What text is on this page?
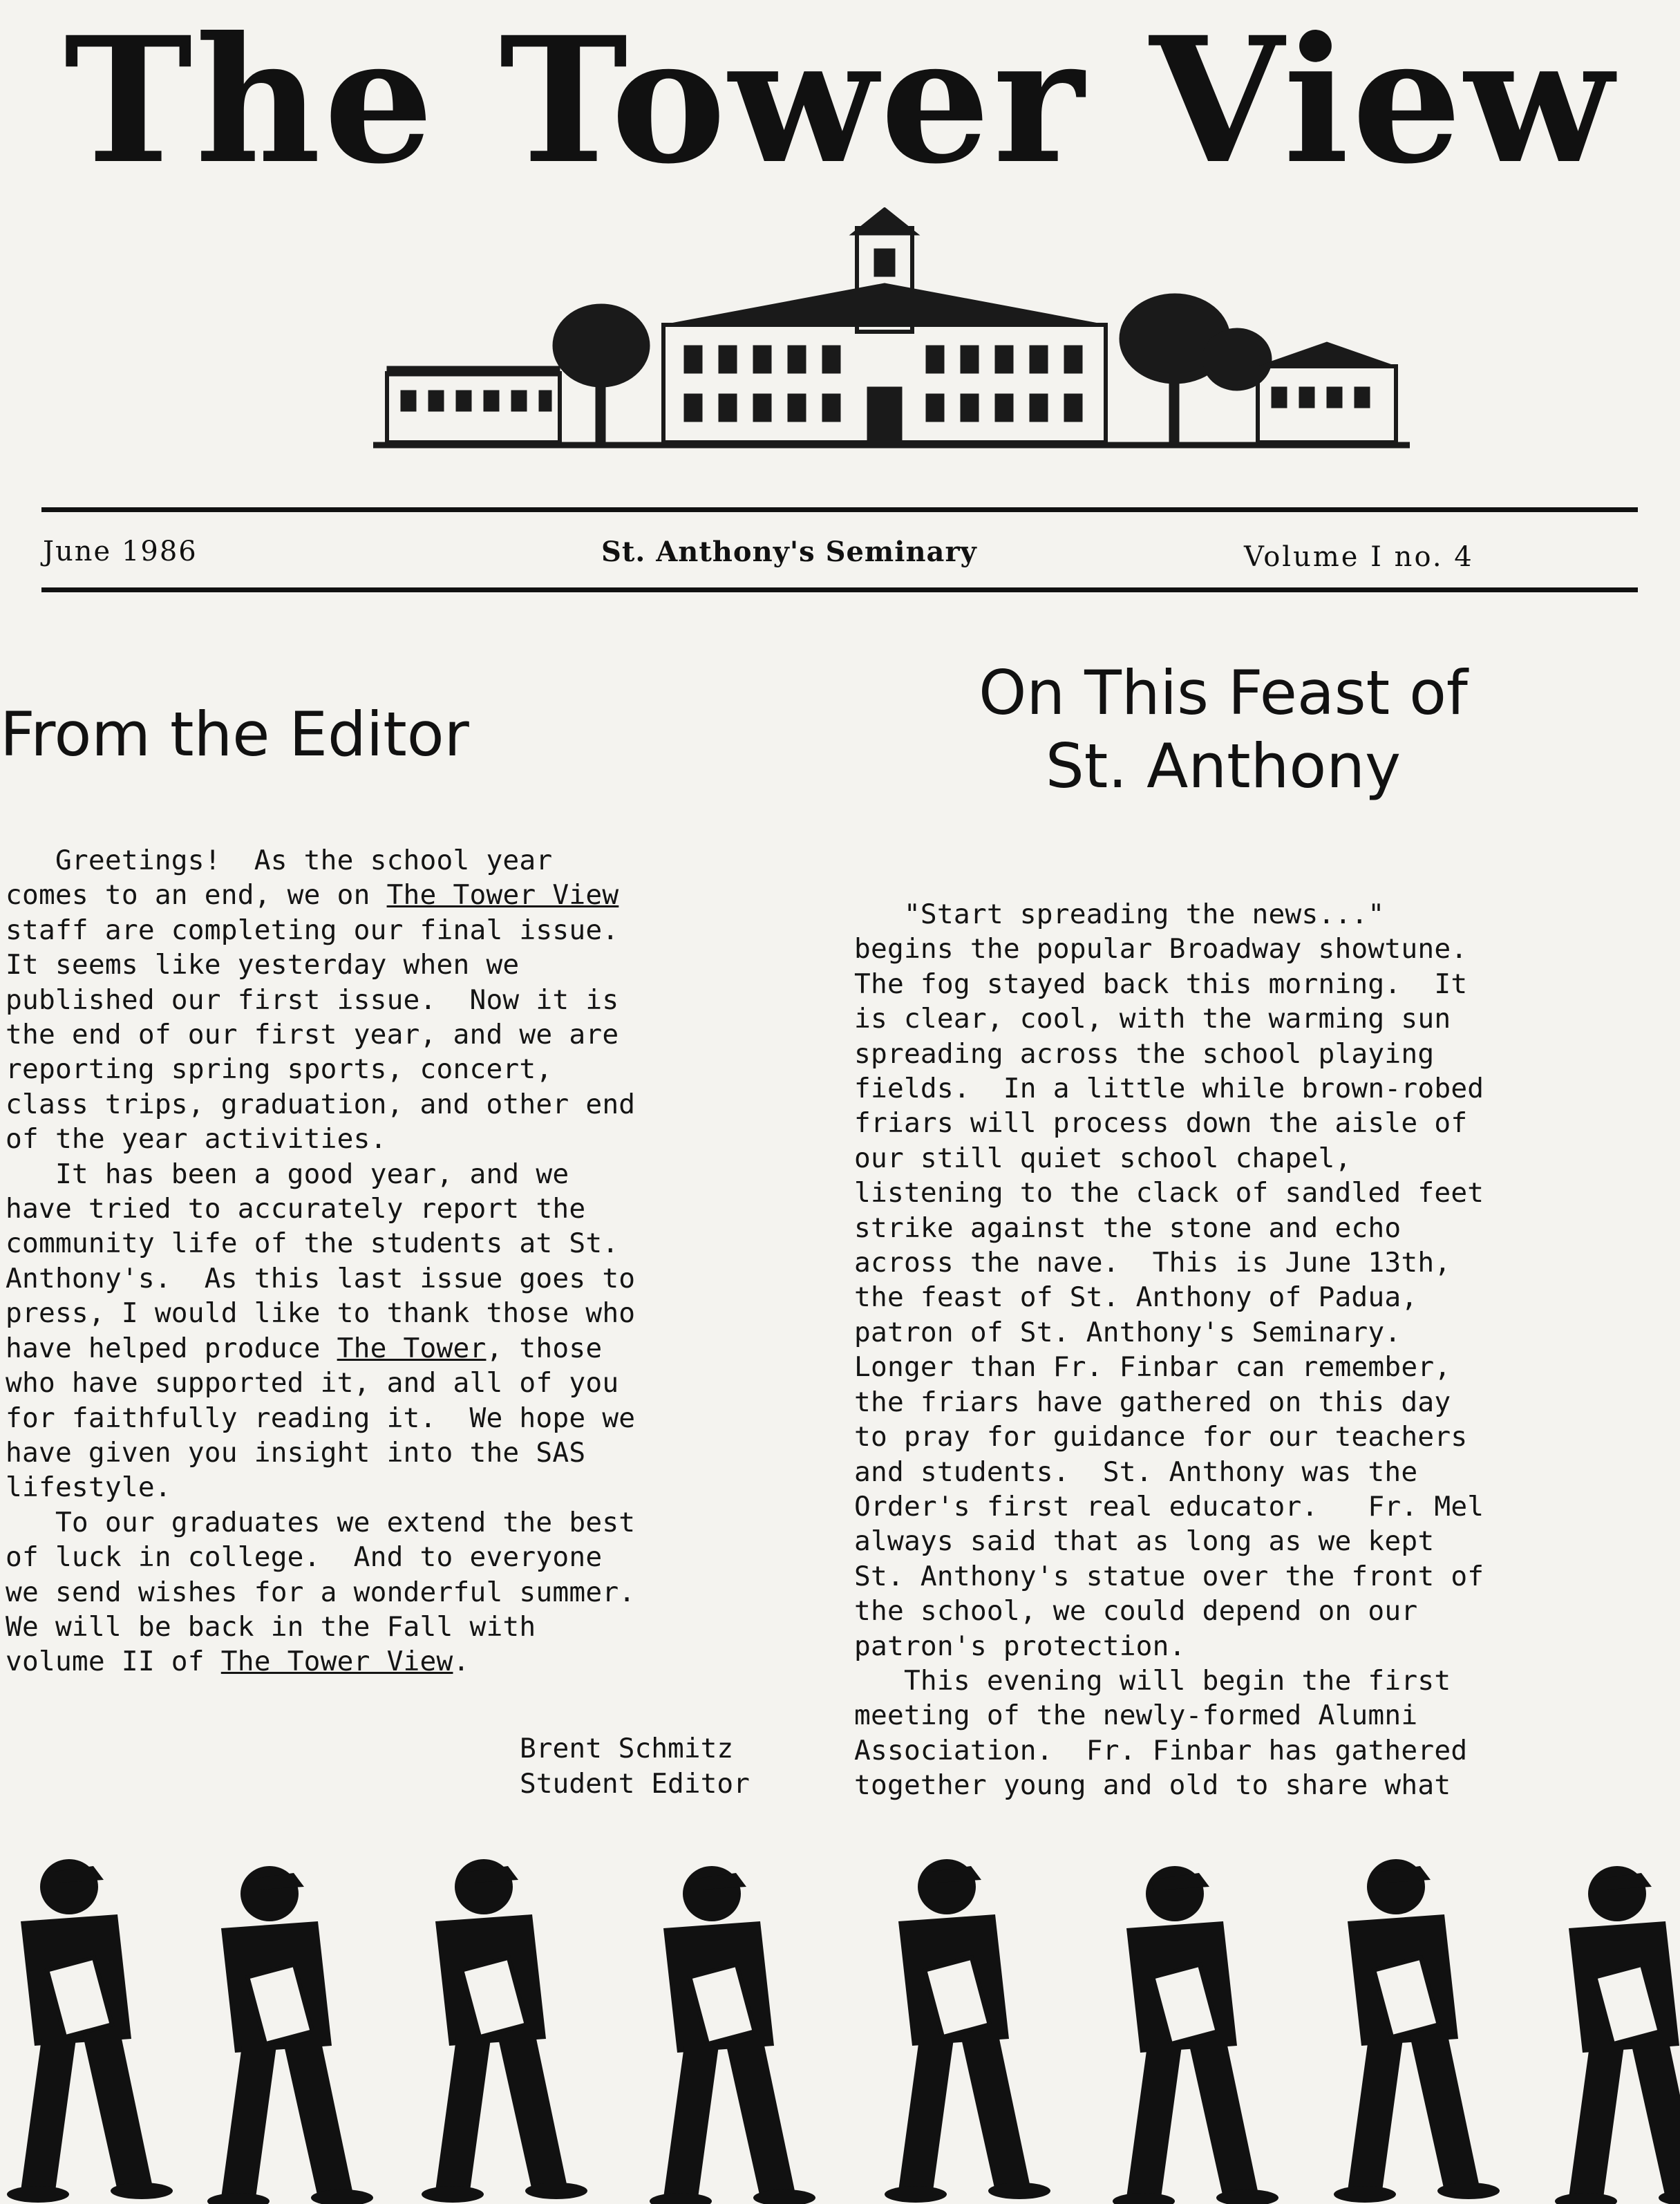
The Tower View
June 1986	St. Anthony's Seminary	Volume I no. 4
From the Editor
On This Feast of
St. Anthony
Greetings!  As the school year
comes to an end, we on The Tower View
staff are completing our final issue.
It seems like yesterday when we
published our first issue.  Now it is
the end of our first year, and we are
reporting spring sports, concert,
class trips, graduation, and other end
of the year activities.
It has been a good year, and we
have tried to accurately report the
community life of the students at St.
Anthony's.  As this last issue goes to
press, I would like to thank those who
have helped produce The Tower, those
who have supported it, and all of you
for faithfully reading it.  We hope we
have given you insight into the SAS
lifestyle.
To our graduates we extend the best
of luck in college.  And to everyone
we send wishes for a wonderful summer.
We will be back in the Fall with
volume II of The Tower View.
Brent Schmitz
Student Editor
"Start spreading the news..."
begins the popular Broadway showtune.
The fog stayed back this morning.  It
is clear, cool, with the warming sun
spreading across the school playing
fields.  In a little while brown-robed
friars will process down the aisle of
our still quiet school chapel,
listening to the clack of sandled feet
strike against the stone and echo
across the nave.  This is June 13th,
the feast of St. Anthony of Padua,
patron of St. Anthony's Seminary.
Longer than Fr. Finbar can remember,
the friars have gathered on this day
to pray for guidance for our teachers
and students.  St. Anthony was the
Order's first real educator.   Fr. Mel
always said that as long as we kept
St. Anthony's statue over the front of
the school, we could depend on our
patron's protection.
This evening will begin the first
meeting of the newly-formed Alumni
Association.  Fr. Finbar has gathered
together young and old to share what
